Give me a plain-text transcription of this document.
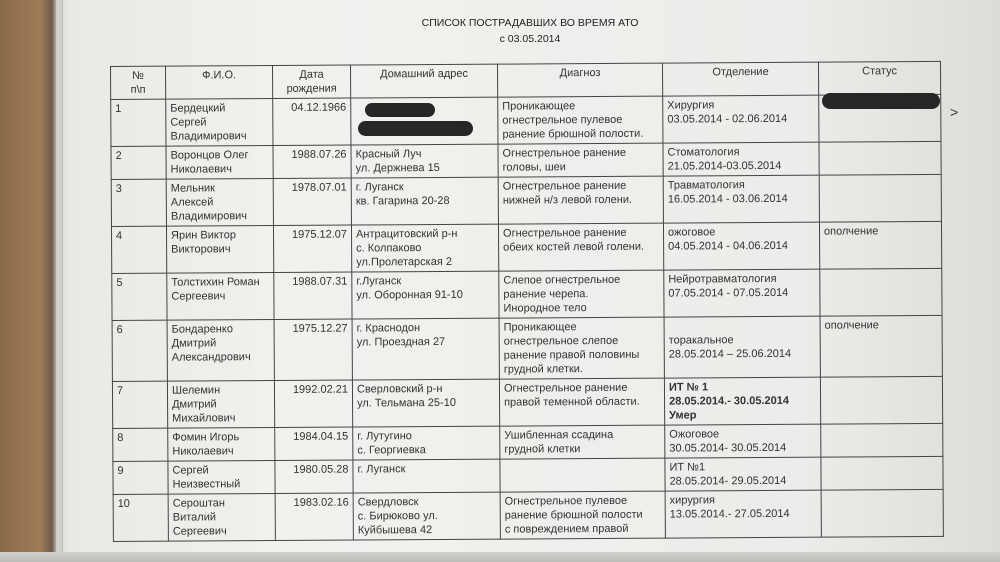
СПИСОК ПОСТРАДАВШИХ ВО ВРЕМЯ АТО
с 03.05.2014
№
п\п	Ф.И.О.	Дата
рождения	Домашний адрес	Диагноз	Отделение	Статус
1	Бердецкий
Сергей
Владимирович	04.12.1966		Проникающее
огнестрельное пулевое
ранение брюшной полости.	Хирургия
03.05.2014 - 02.06.2014	
2	Воронцов Олег
Николаевич	1988.07.26	Красный Луч
ул. Держнева 15	Огнестрельное ранение
головы, шеи	Стоматология
21.05.2014-03.05.2014	
3	Мельник
Алексей
Владимирович	1978.07.01	г. Луганск
кв. Гагарина 20-28	Огнестрельное ранение
нижней н/з левой голени.	Травматология
16.05.2014 - 03.06.2014	
4	Ярин Виктор
Викторович	1975.12.07	Антрацитовский р-н
с. Колпаково
ул.Пролетарская 2	Огнестрельное ранение
обеих костей левой голени.	ожоговое
04.05.2014 - 04.06.2014	ополчение
5	Толстихин Роман
Сергеевич	1988.07.31	г.Луганск
ул. Оборонная 91-10	Слепое огнестрельное
ранение черепа.
Инородное тело	Нейротравматология
07.05.2014 - 07.05.2014	
6	Бондаренко
Дмитрий
Александрович	1975.12.27	г. Краснодон
ул. Проездная 27	Проникающее
огнестрельное слепое
ранение правой половины
грудной клетки.	
торакальное
28.05.2014 – 25.06.2014	ополчение
7	Шелемин
Дмитрий
Михайлович	1992.02.21	Сверловский р-н
ул. Тельмана 25-10	Огнестрельное ранение
правой теменной области.	ИТ № 1
28.05.2014.- 30.05.2014
Умер	
8	Фомин Игорь
Николаевич	1984.04.15	г. Лутугино
с. Георгиевка	Ушибленная ссадина
грудной клетки	Ожоговое
30.05.2014- 30.05.2014	
9	Сергей
Неизвестный	1980.05.28	г. Луганск		ИТ №1
28.05.2014- 29.05.2014	
10	Сероштан
Виталий
Сергеевич	1983.02.16	Свердловск
с. Бирюково ул.
Куйбышева 42	Огнестрельное пулевое
ранение брюшной полости
с повреждением правой	хирургия
13.05.2014.- 27.05.2014	
>
